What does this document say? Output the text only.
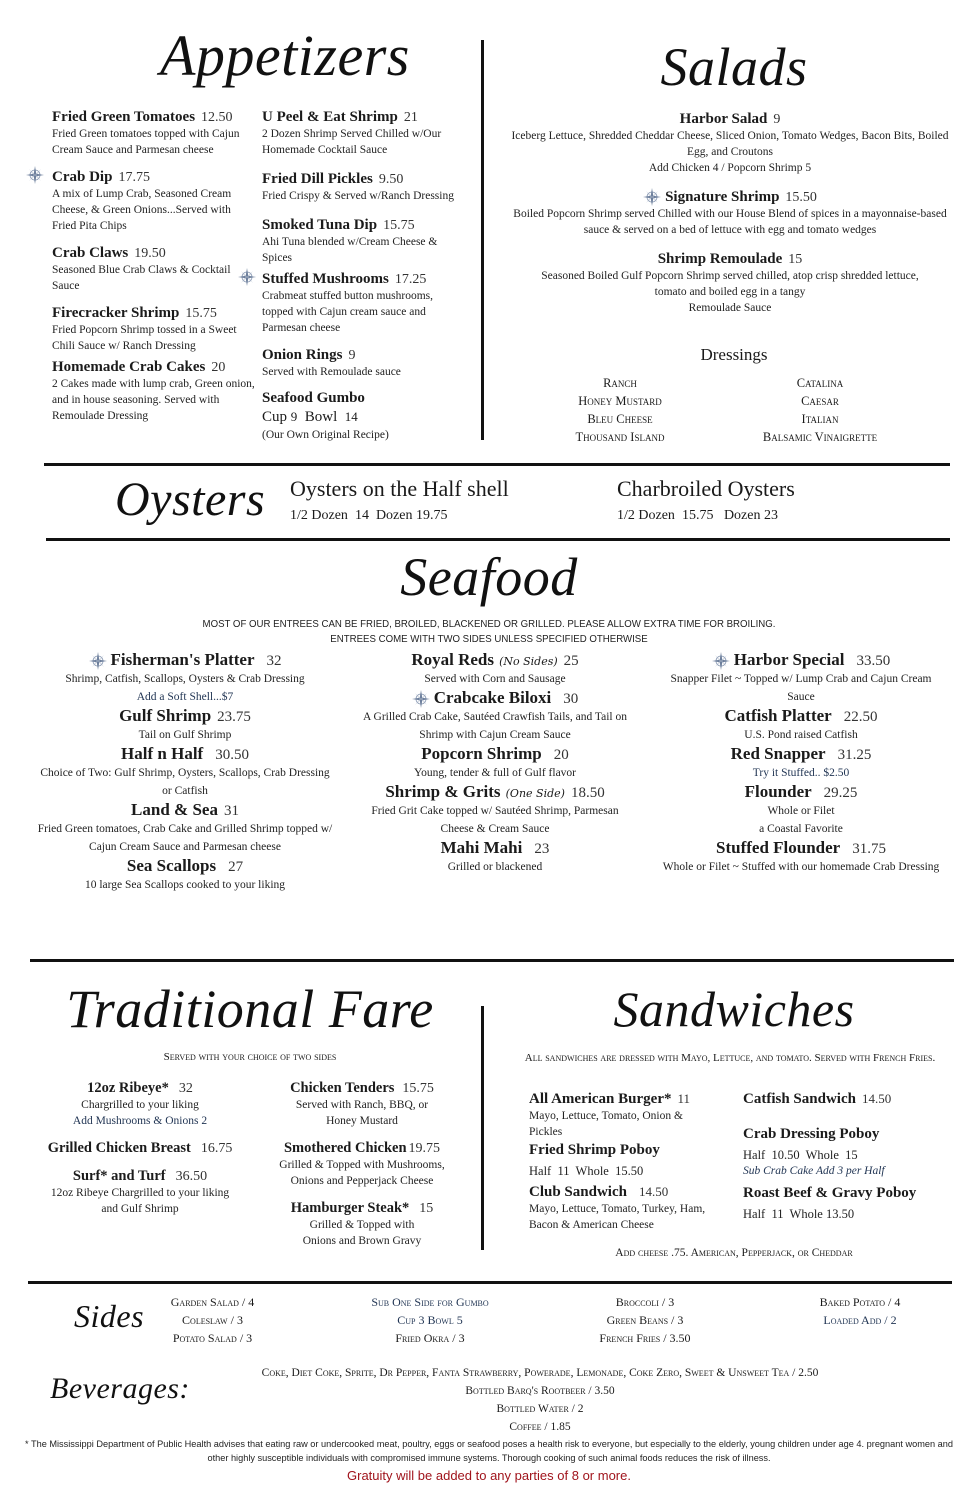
Appetizers
Fried Green Tomatoes 12.50
Fried Green tomatoes topped with Cajun Cream Sauce and Parmesan cheese
Crab Dip 17.75
A mix of Lump Crab, Seasoned Cream Cheese, & Green Onions...Served with Fried Pita Chips
Crab Claws 19.50
Seasoned Blue Crab Claws & Cocktail Sauce
Firecracker Shrimp 15.75
Fried Popcorn Shrimp tossed in a Sweet Chili Sauce w/ Ranch Dressing
Homemade Crab Cakes 20
2 Cakes made with lump crab, Green onion, and in house seasoning. Served with Remoulade Dressing
U Peel & Eat Shrimp 21
2 Dozen Shrimp Served Chilled w/Our Homemade Cocktail Sauce
Fried Dill Pickles 9.50
Fried Crispy & Served w/Ranch Dressing
Smoked Tuna Dip 15.75
Ahi Tuna blended w/Cream Cheese & Spices
Stuffed Mushrooms 17.25
Crabmeat stuffed button mushrooms, topped with Cajun cream sauce and Parmesan cheese
Onion Rings 9
Served with Remoulade sauce
Seafood Gumbo
Cup 9 Bowl 14
(Our Own Original Recipe)
Salads
Harbor Salad 9
Iceberg Lettuce, Shredded Cheddar Cheese, Sliced Onion, Tomato Wedges, Bacon Bits, Boiled Egg, and Croutons
Add Chicken 4 / Popcorn Shrimp 5
Signature Shrimp 15.50
Boiled Popcorn Shrimp served Chilled with our House Blend of spices in a mayonnaise-based sauce & served on a bed of lettuce with egg and tomato wedges
Shrimp Remoulade 15
Seasoned Boiled Gulf Popcorn Shrimp served chilled, atop crisp shredded lettuce, tomato and boiled egg in a tangy
Remoulade Sauce
Dressings
Ranch
Honey Mustard
Bleu Cheese
Thousand Island
Catalina
Caesar
Italian
Balsamic Vinaigrette
Oysters Oysters on the Half shell
1/2 Dozen 14 Dozen 19.75
Charbroiled Oysters
1/2 Dozen 15.75 Dozen 23
Seafood
MOST OF OUR ENTREES CAN BE FRIED, BROILED, BLACKENED OR GRILLED. PLEASE ALLOW EXTRA TIME FOR BROILING.
ENTREES COME WITH TWO SIDES UNLESS SPECIFIED OTHERWISE
Fisherman's Platter 32
Shrimp, Catfish, Scallops, Oysters & Crab Dressing
Add a Soft Shell...$7
Gulf Shrimp 23.75
Tail on Gulf Shrimp
Half n Half 30.50
Choice of Two: Gulf Shrimp, Oysters, Scallops, Crab Dressing or Catfish
Land & Sea 31
Fried Green tomatoes, Crab Cake and Grilled Shrimp topped w/ Cajun Cream Sauce and Parmesan cheese
Sea Scallops 27
10 large Sea Scallops cooked to your liking
Royal Reds (No Sides) 25
Served with Corn and Sausage
Crabcake Biloxi 30
A Grilled Crab Cake, Sautéed Crawfish Tails, and Tail on Shrimp with Cajun Cream Sauce
Popcorn Shrimp 20
Young, tender & full of Gulf flavor
Shrimp & Grits (One Side) 18.50
Fried Grit Cake topped w/ Sautéed Shrimp, Parmesan Cheese & Cream Sauce
Mahi Mahi 23
Grilled or blackened
Harbor Special 33.50
Snapper Filet ~ Topped w/ Lump Crab and Cajun Cream Sauce
Catfish Platter 22.50
U.S. Pond raised Catfish
Red Snapper 31.25
Try it Stuffed.. $2.50
Flounder 29.25
Whole or Filet
a Coastal Favorite
Stuffed Flounder 31.75
Whole or Filet ~ Stuffed with our homemade Crab Dressing
Traditional Fare
Served with your choice of two sides
12oz Ribeye* 32
Chargrilled to your liking
Add Mushrooms & Onions 2
Grilled Chicken Breast 16.75
Surf* and Turf 36.50
12oz Ribeye Chargrilled to your liking and Gulf Shrimp
Chicken Tenders 15.75
Served with Ranch, BBQ, or Honey Mustard
Smothered Chicken 19.75
Grilled & Topped with Mushrooms, Onions and Pepperjack Cheese
Hamburger Steak* 15
Grilled & Topped with Onions and Brown Gravy
Sandwiches
All sandwiches are dressed with Mayo, Lettuce, and tomato. Served with French Fries.
All American Burger* 11
Mayo, Lettuce, Tomato, Onion & Pickles
Fried Shrimp Poboy
Half  11  Whole  15.50
Club Sandwich 14.50
Mayo, Lettuce, Tomato, Turkey, Ham, Bacon & American Cheese
Catfish Sandwich 14.50
Crab Dressing Poboy
Half  10.50  Whole  15
Sub Crab Cake Add 3 per Half
Roast Beef & Gravy Poboy
Half  11  Whole 13.50
Add cheese .75. American, Pepperjack, or Cheddar
Sides	Garden Salad / 4
Coleslaw / 3
Potato Salad / 3
Sub One Side for Gumbo
Cup 3 Bowl 5
Fried Okra / 3
Broccoli / 3
Green Beans / 3
French Fries / 3.50
Baked Potato / 4
Loaded Add / 2
Beverages:	Coke, Diet Coke, Sprite, Dr Pepper, Fanta Strawberry, Powerade, Lemonade, Coke Zero, Sweet & Unsweet Tea / 2.50
Bottled Barq's Rootbeer / 3.50
Bottled Water / 2
Coffee / 1.85
* The Mississippi Department of Public Health advises that eating raw or undercooked meat, poultry, eggs or seafood poses a health risk to everyone, but especially to the elderly, young children under age 4. pregnant women and other highly susceptible individuals with compromised immune systems. Thorough cooking of such animal foods reduces the risk of illness.
Gratuity will be added to any parties of 8 or more.
